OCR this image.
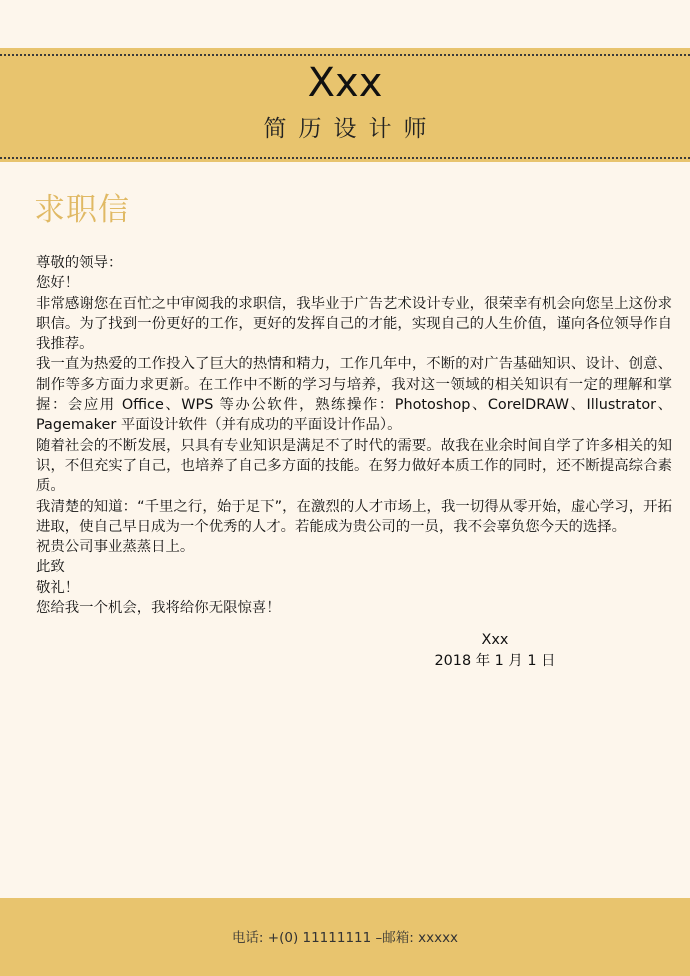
Xxx
简历设计师
求职信

尊敬的领导：

您好！

非常感谢您在百忙之中审阅我的求职信，我毕业于广告艺术设计专业，很荣幸有机会向您呈上这份求职信。为了找到一份更好的工作，更好的发挥自己的才能，实现自己的人生价值，谨向各位领导作自我推荐。

我一直为热爱的工作投入了巨大的热情和精力，工作几年中，不断的对广告基础知识、设计、创意、制作等多方面力求更新。在工作中不断的学习与培养，我对这一领域的相关知识有一定的理解和掌握：会应用 Office、WPS 等办公软件，熟练操作：Photoshop、CorelDRAW、Illustrator、Pagemaker 平面设计软件（并有成功的平面设计作品）。

随着社会的不断发展，只具有专业知识是满足不了时代的需要。故我在业余时间自学了许多相关的知识，不但充实了自己，也培养了自己多方面的技能。在努力做好本质工作的同时，还不断提高综合素质。

我清楚的知道：“千里之行，始于足下”，在激烈的人才市场上，我一切得从零开始，虚心学习，开拓进取，使自己早日成为一个优秀的人才。若能成为贵公司的一员，我不会辜负您今天的选择。

祝贵公司事业蒸蒸日上。

此致

敬礼！

您给我一个机会，我将给你无限惊喜！

Xxx
2018 年 1 月 1 日
电话: +(0) 11111111 –邮箱: xxxxx
